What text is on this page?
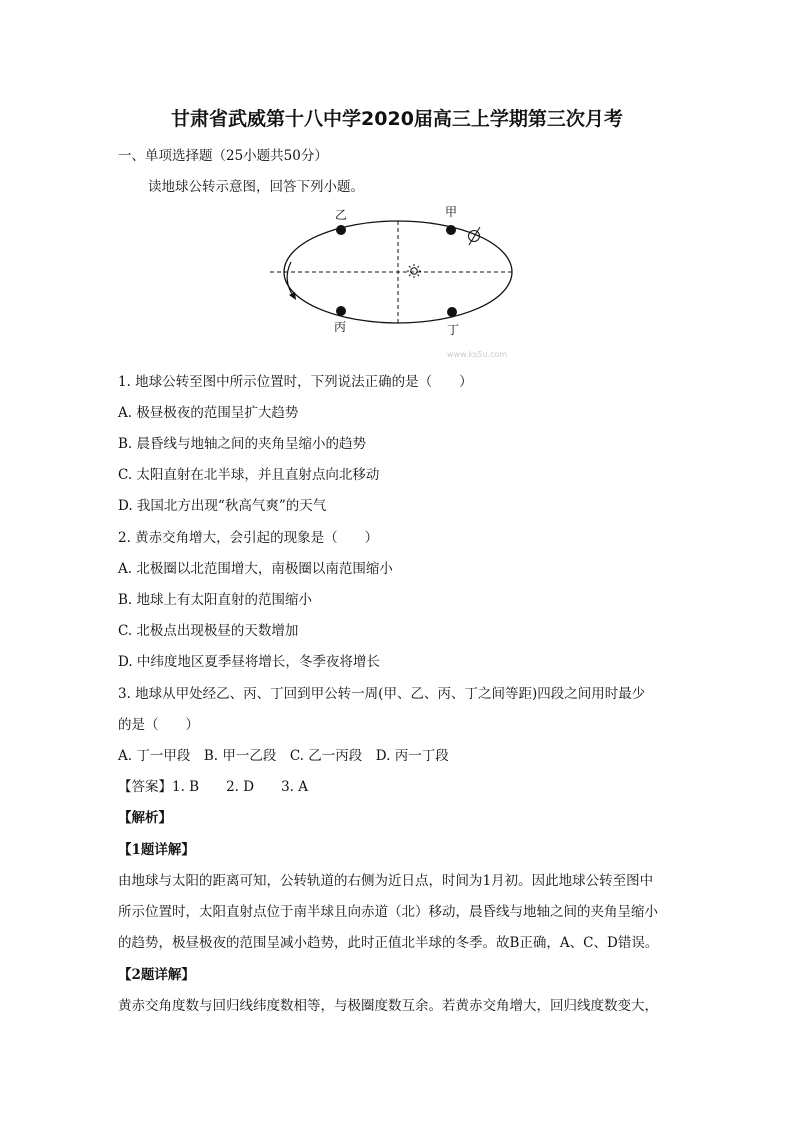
甘肃省武威第十八中学2020届高三上学期第三次月考
一、单项选择题（25小题共50分）
读地球公转示意图，回答下列小题。
乙	甲
丙	丁
www.ks5u.com
1. 地球公转至图中所示位置时，下列说法正确的是（　　）
A. 极昼极夜的范围呈扩大趋势
B. 晨昏线与地轴之间的夹角呈缩小的趋势
C. 太阳直射在北半球，并且直射点向北移动
D. 我国北方出现“秋高气爽”的天气
2. 黄赤交角增大，会引起的现象是（　　）
A. 北极圈以北范围增大，南极圈以南范围缩小
B. 地球上有太阳直射的范围缩小
C. 北极点出现极昼的天数增加
D. 中纬度地区夏季昼将增长，冬季夜将增长
3. 地球从甲处经乙、丙、丁回到甲公转一周(甲、乙、丙、丁之间等距)四段之间用时最少
的是（　　）
A. 丁一甲段　B. 甲一乙段　C. 乙一丙段　D. 丙一丁段
【答案】1. B　　2. D　　3. A
【解析】
【1题详解】
由地球与太阳的距离可知，公转轨道的右侧为近日点，时间为1月初。因此地球公转至图中
所示位置时，太阳直射点位于南半球且向赤道（北）移动，晨昏线与地轴之间的夹角呈缩小
的趋势，极昼极夜的范围呈减小趋势，此时正值北半球的冬季。故B正确，A、C、D错误。
【2题详解】
黄赤交角度数与回归线纬度数相等，与极圈度数互余。若黄赤交角增大，回归线度数变大，
